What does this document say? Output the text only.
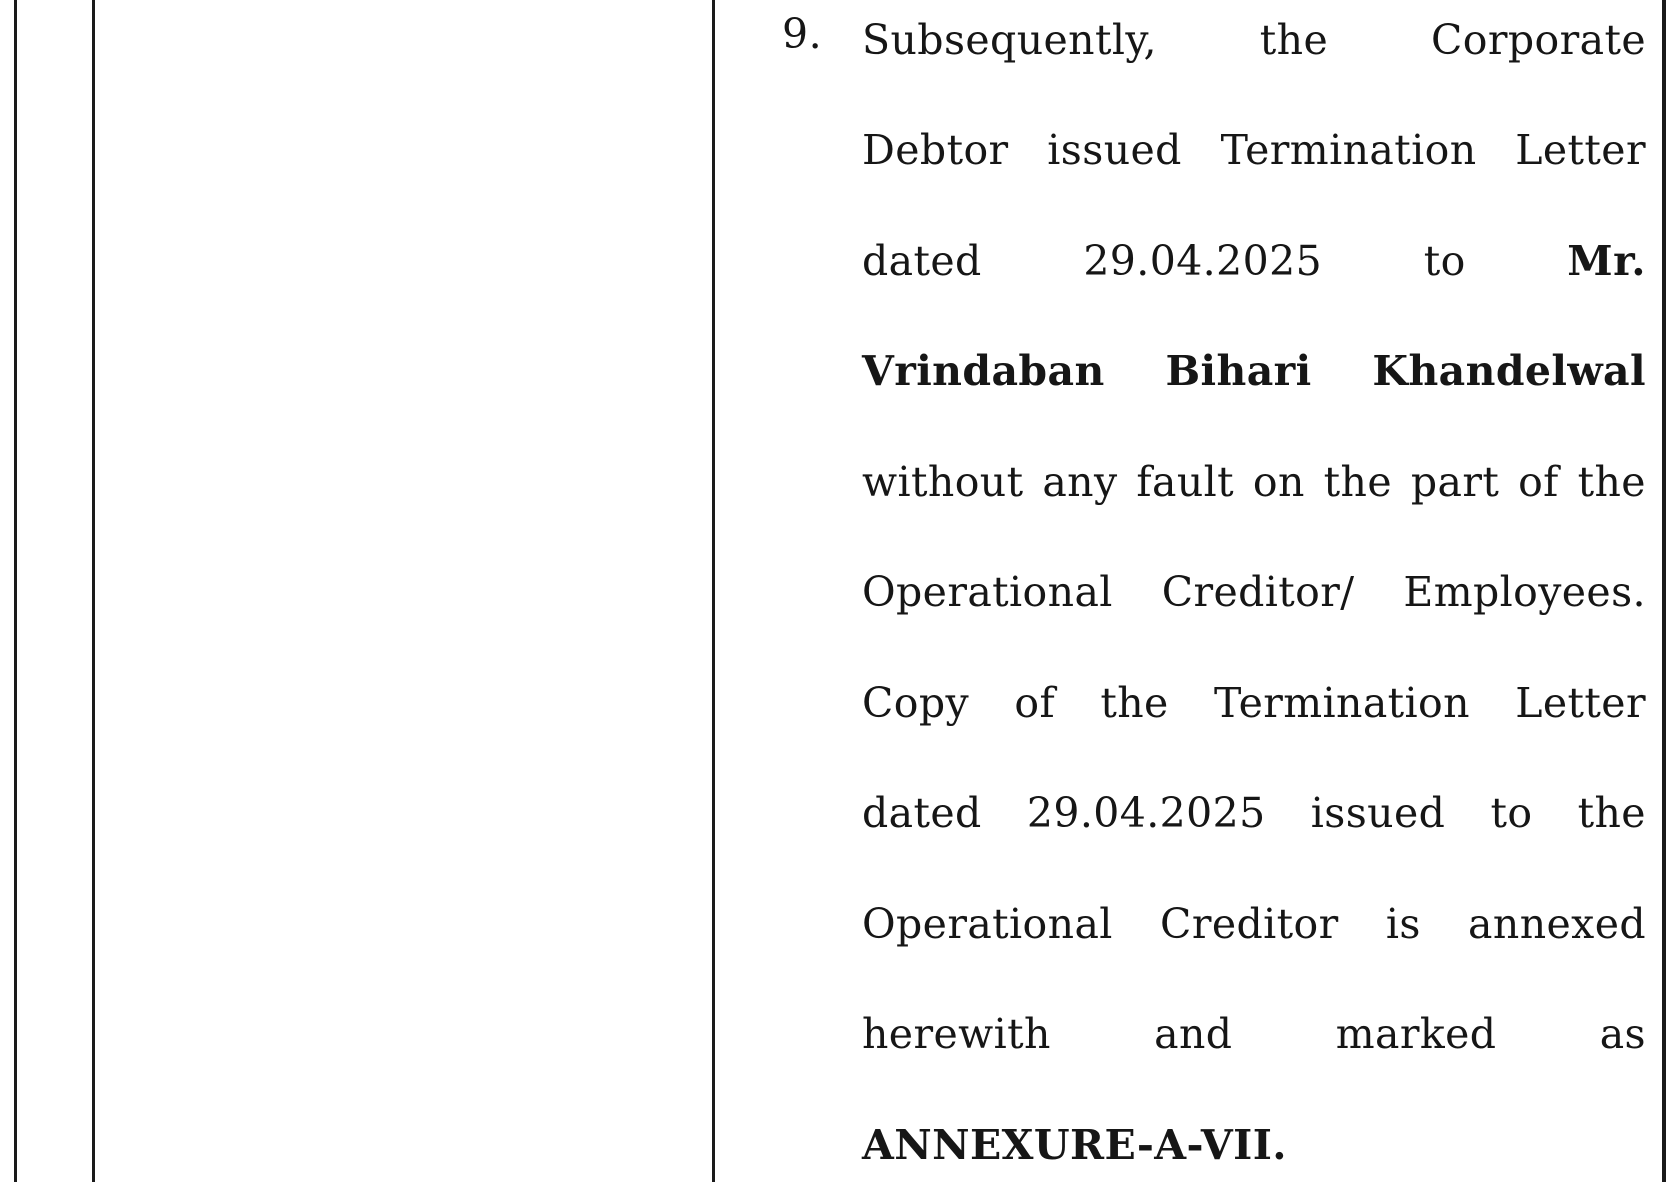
9. Subsequently,	the	Corporate
Debtor issued Termination Letter
dated 29.04.2025 to Mr.
Vrindaban Bihari Khandelwal
without any fault on the part of the
Operational Creditor/ Employees.
Copy of the Termination Letter
dated 29.04.2025 issued to the
Operational Creditor is annexed
herewith	and	marked	as
ANNEXURE-A-VII.
